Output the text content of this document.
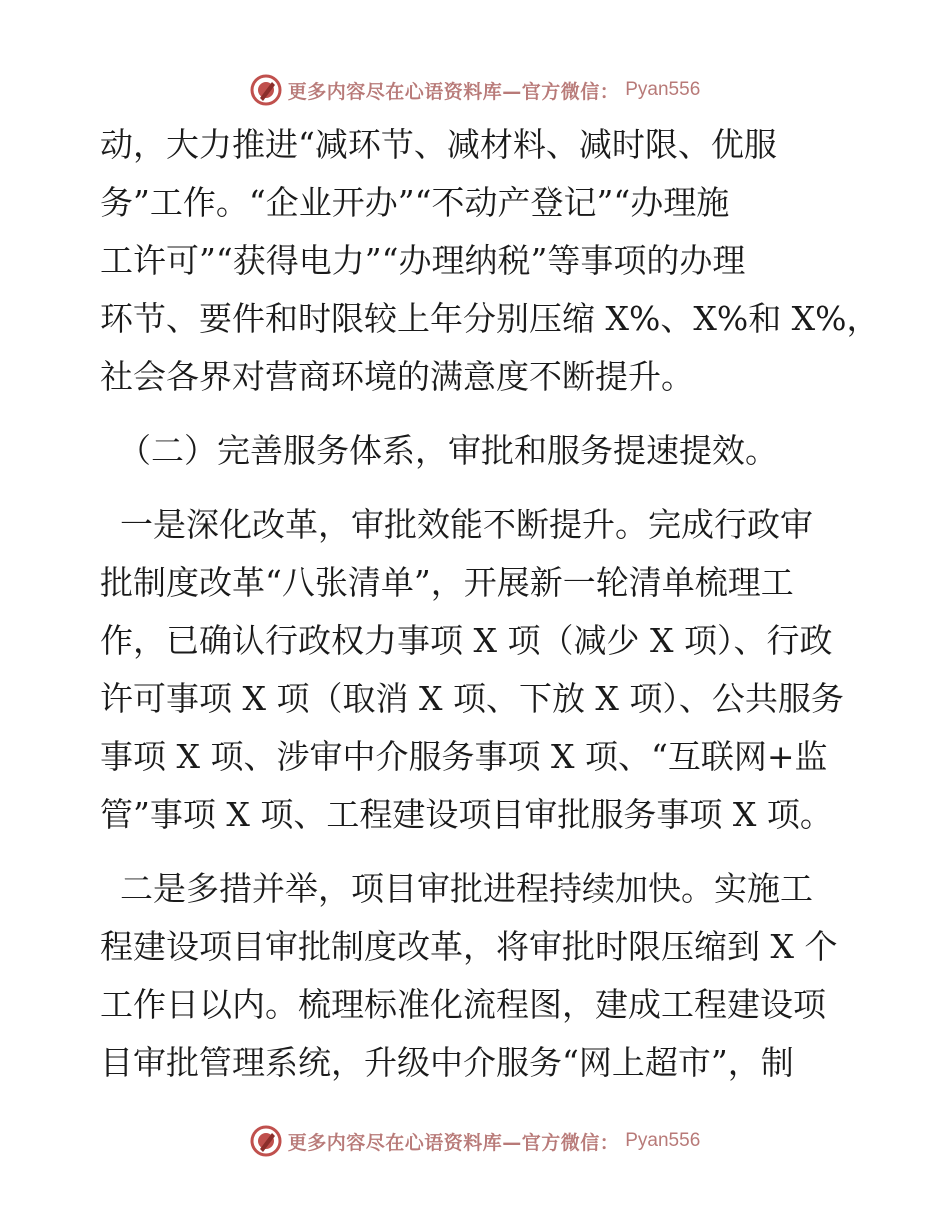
更多内容尽在心语资料库—官方微信： Pyan556
动，大力推进“减环节、减材料、减时限、优服
务”工作。“企业开办”“不动产登记”“办理施
工许可”“获得电力”“办理纳税”等事项的办理
环节、要件和时限较上年分别压缩 X%、X%和 X%，
社会各界对营商环境的满意度不断提升。
（二）完善服务体系，审批和服务提速提效。
一是深化改革，审批效能不断提升。完成行政审
批制度改革“八张清单”，开展新一轮清单梳理工
作，已确认行政权力事项 X 项（减少 X 项）、行政
许可事项 X 项（取消 X 项、下放 X 项）、公共服务
事项 X 项、涉审中介服务事项 X 项、“互联网+监
管”事项 X 项、工程建设项目审批服务事项 X 项。
二是多措并举，项目审批进程持续加快。实施工
程建设项目审批制度改革，将审批时限压缩到 X 个
工作日以内。梳理标准化流程图，建成工程建设项
目审批管理系统，升级中介服务“网上超市”，制
更多内容尽在心语资料库—官方微信： Pyan556
